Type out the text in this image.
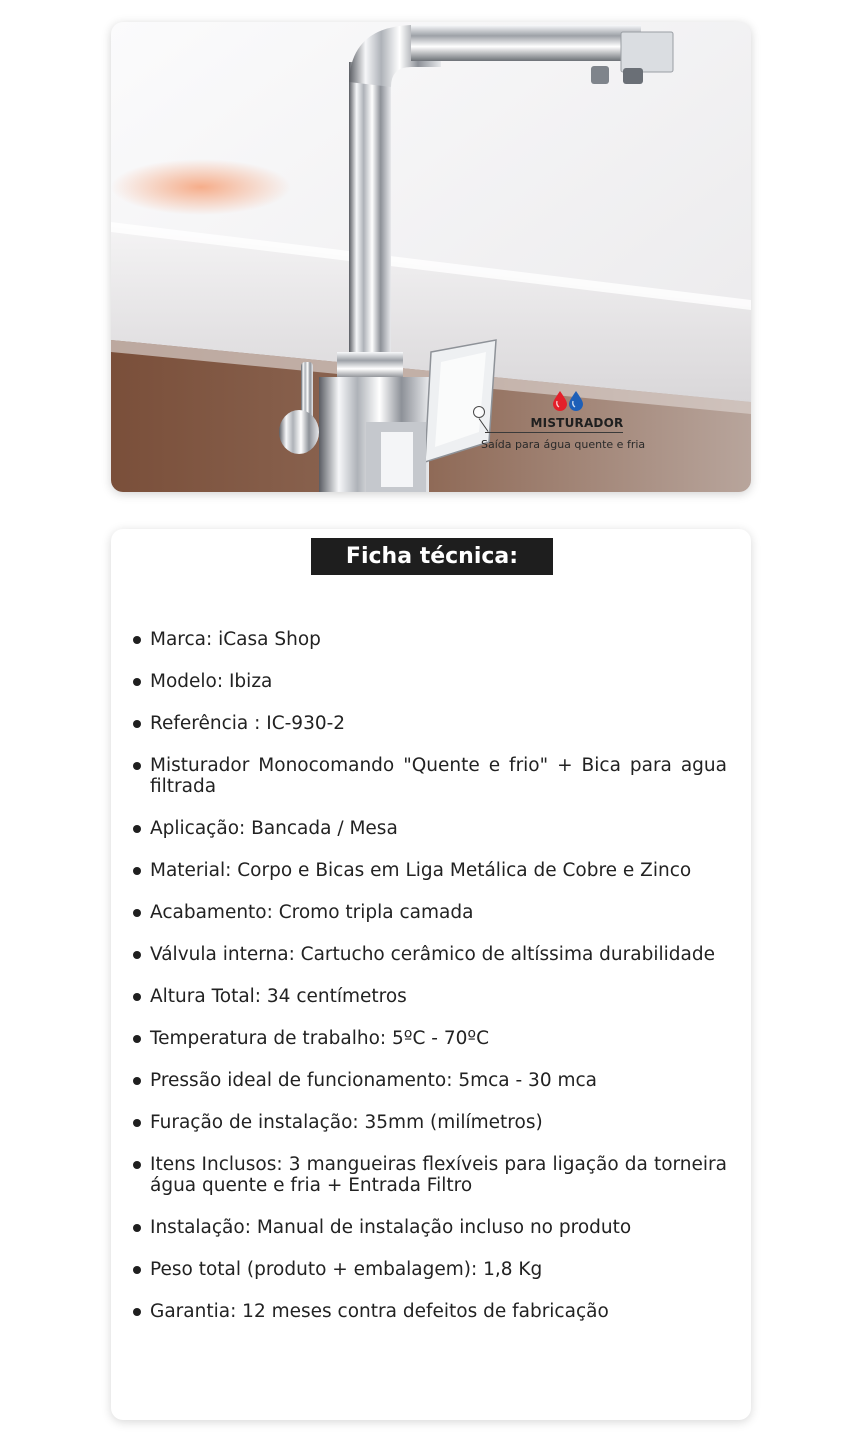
MISTURADOR
Saída para água quente e fria
Ficha técnica:
Marca: iCasa Shop
Modelo: Ibiza
Referência : IC-930-2
Misturador Monocomando "Quente e frio" + Bica para agua filtrada
Aplicação: Bancada / Mesa
Material: Corpo e Bicas em Liga Metálica de Cobre e Zinco
Acabamento: Cromo tripla camada
Válvula interna: Cartucho cerâmico de altíssima durabilidade
Altura Total: 34 centímetros
Temperatura de trabalho: 5ºC - 70ºC
Pressão ideal de funcionamento: 5mca - 30 mca
Furação de instalação: 35mm (milímetros)
Itens Inclusos: 3 mangueiras flexíveis para ligação da torneira água quente e fria + Entrada Filtro
Instalação: Manual de instalação incluso no produto
Peso total (produto + embalagem): 1,8 Kg
Garantia: 12 meses contra defeitos de fabricação
